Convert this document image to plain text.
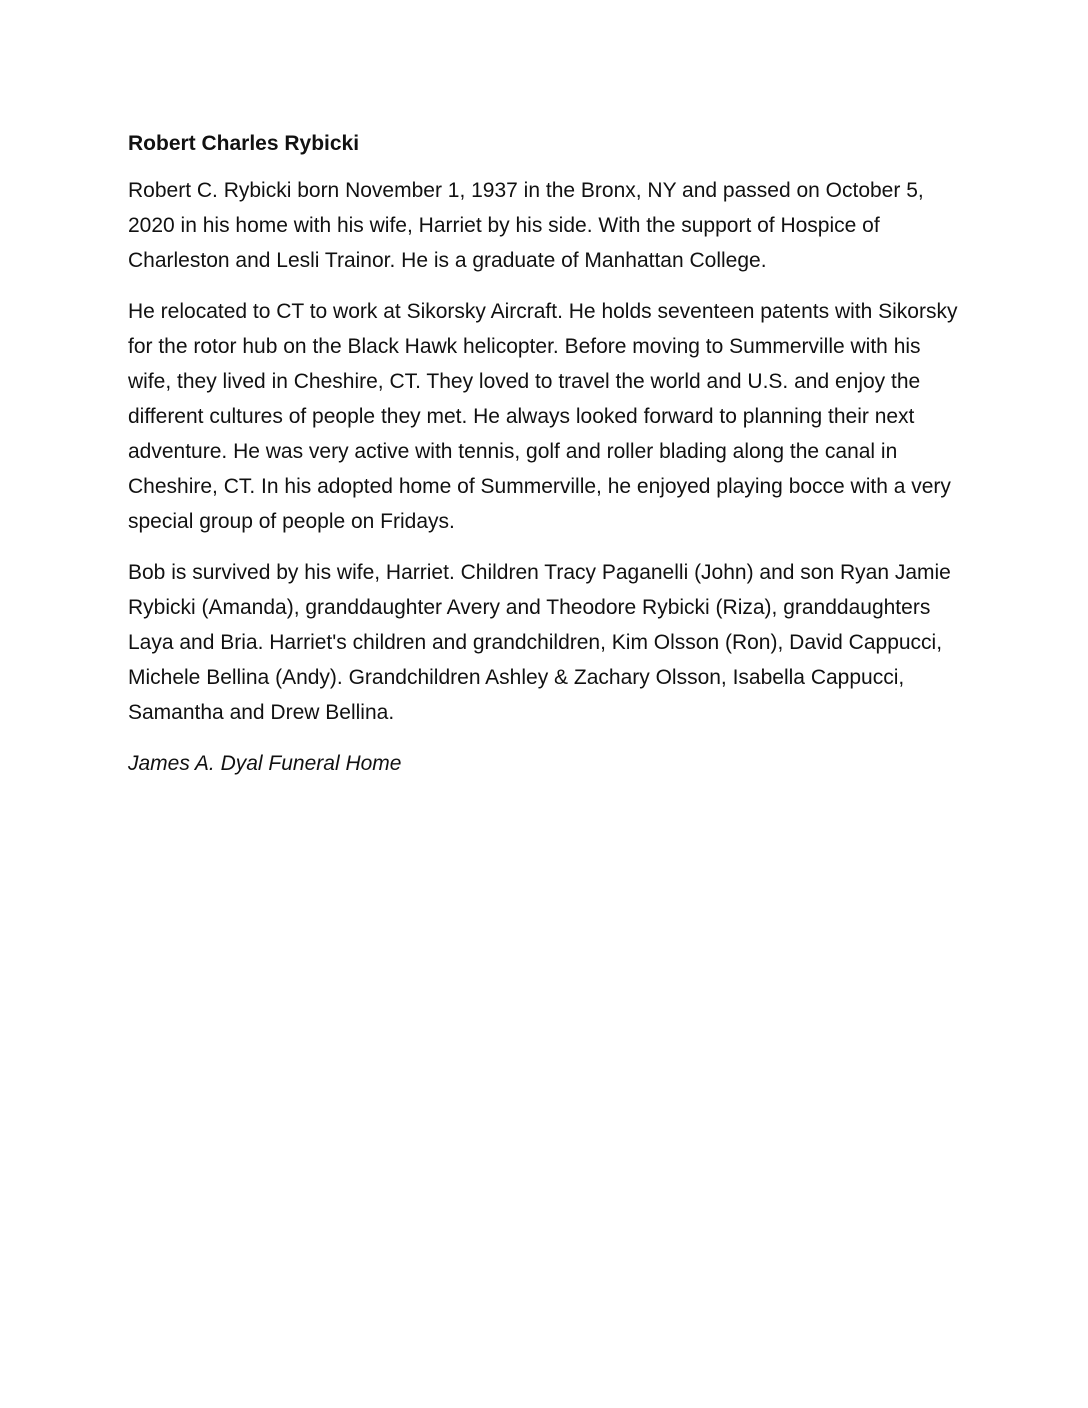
Robert Charles Rybicki

Robert C. Rybicki born November 1, 1937 in the Bronx, NY and passed on October 5, 2020 in his home with his wife, Harriet by his side. With the support of Hospice of Charleston and Lesli Trainor. He is a graduate of Manhattan College.

He relocated to CT to work at Sikorsky Aircraft. He holds seventeen patents with Sikorsky for the rotor hub on the Black Hawk helicopter. Before moving to Summerville with his wife, they lived in Cheshire, CT. They loved to travel the world and U.S. and enjoy the different cultures of people they met. He always looked forward to planning their next adventure. He was very active with tennis, golf and roller blading along the canal in Cheshire, CT. In his adopted home of Summerville, he enjoyed playing bocce with a very special group of people on Fridays.

Bob is survived by his wife, Harriet. Children Tracy Paganelli (John) and son Ryan Jamie Rybicki (Amanda), granddaughter Avery and Theodore Rybicki (Riza), granddaughters Laya and Bria. Harriet's children and grandchildren, Kim Olsson (Ron), David Cappucci, Michele Bellina (Andy). Grandchildren Ashley & Zachary Olsson, Isabella Cappucci, Samantha and Drew Bellina.

James A. Dyal Funeral Home
